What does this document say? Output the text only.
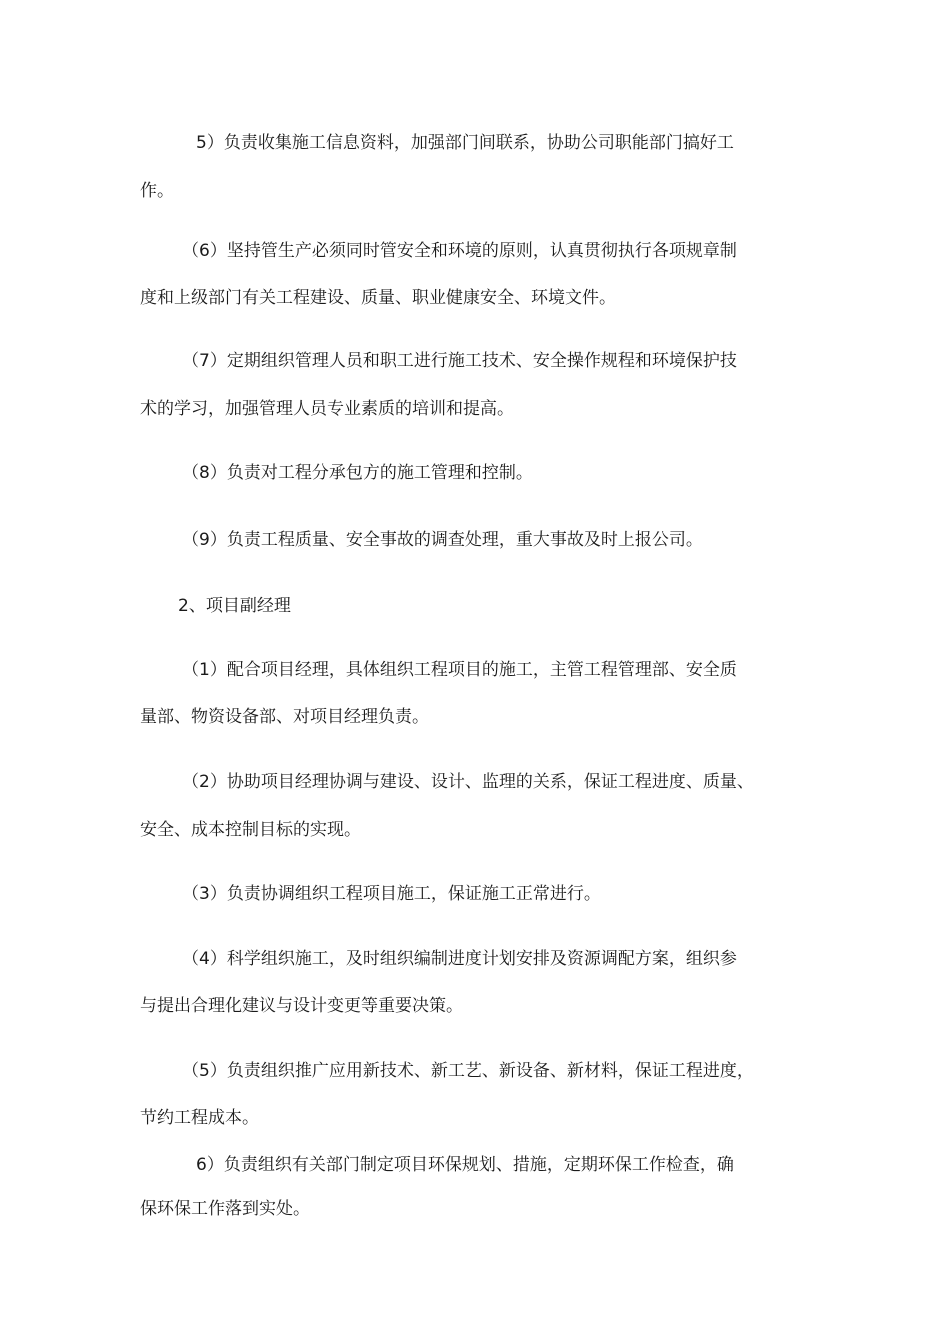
5）负责收集施工信息资料，加强部门间联系，协助公司职能部门搞好工

作。

（6）坚持管生产必须同时管安全和环境的原则，认真贯彻执行各项规章制

度和上级部门有关工程建设、质量、职业健康安全、环境文件。

（7）定期组织管理人员和职工进行施工技术、安全操作规程和环境保护技

术的学习，加强管理人员专业素质的培训和提高。

（8）负责对工程分承包方的施工管理和控制。

（9）负责工程质量、安全事故的调查处理，重大事故及时上报公司。

2、项目副经理

（1）配合项目经理，具体组织工程项目的施工，主管工程管理部、安全质

量部、物资设备部、对项目经理负责。

（2）协助项目经理协调与建设、设计、监理的关系，保证工程进度、质量、

安全、成本控制目标的实现。

（3）负责协调组织工程项目施工，保证施工正常进行。

（4）科学组织施工，及时组织编制进度计划安排及资源调配方案，组织参

与提出合理化建议与设计变更等重要决策。

（5）负责组织推广应用新技术、新工艺、新设备、新材料，保证工程进度，

节约工程成本。

6）负责组织有关部门制定项目环保规划、措施，定期环保工作检查，确

保环保工作落到实处。
